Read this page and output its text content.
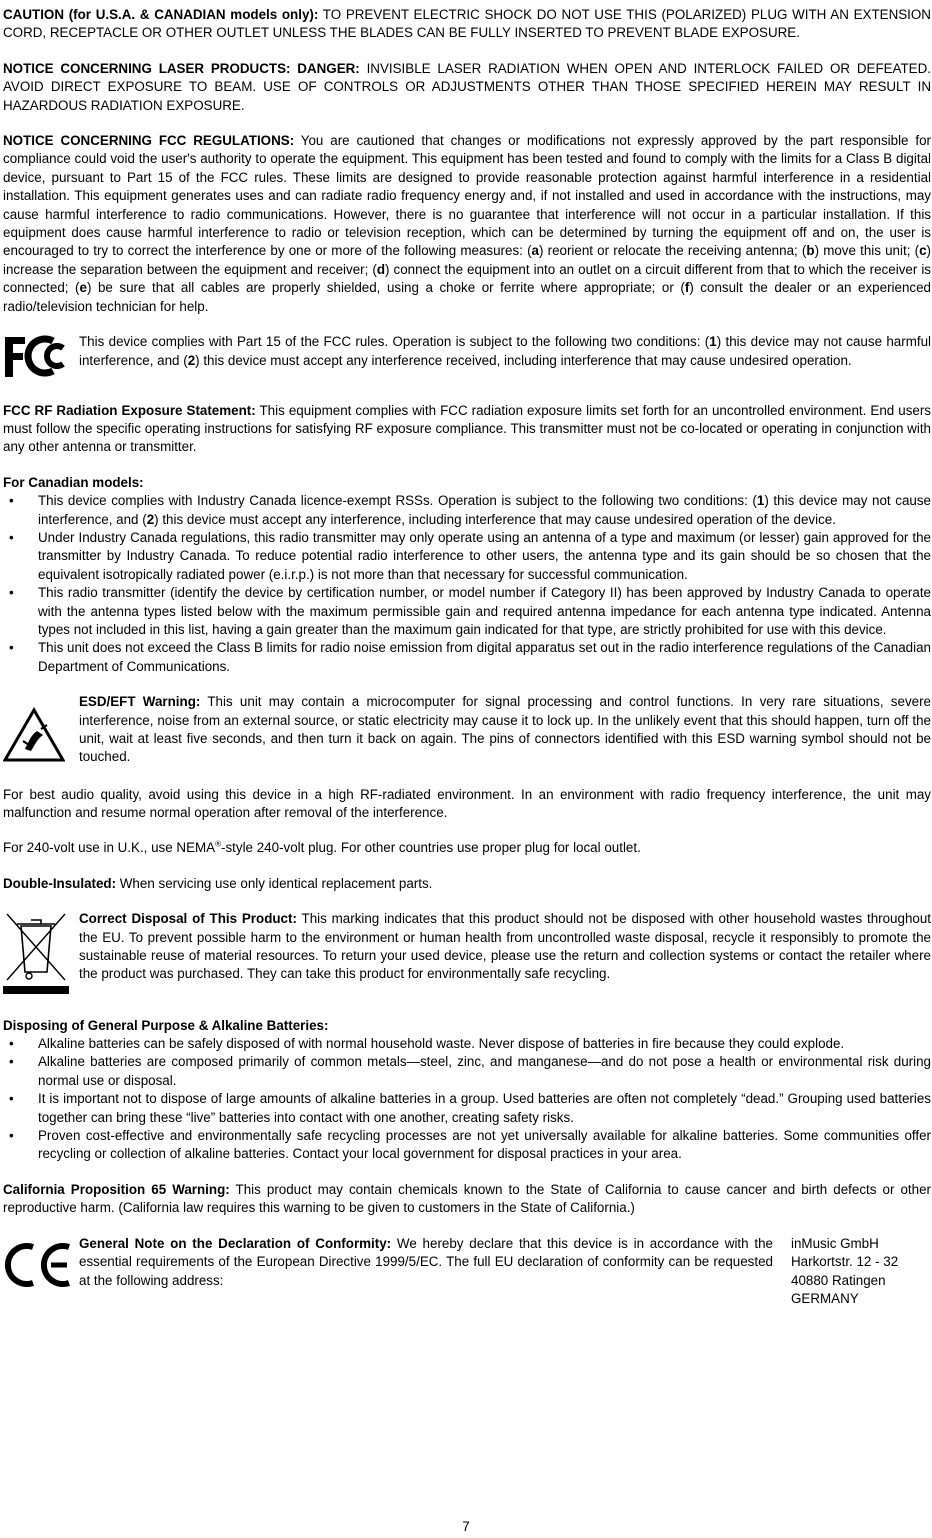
CAUTION (for U.S.A. & CANADIAN models only): TO PREVENT ELECTRIC SHOCK DO NOT USE THIS (POLARIZED) PLUG WITH AN EXTENSION CORD, RECEPTACLE OR OTHER OUTLET UNLESS THE BLADES CAN BE FULLY INSERTED TO PREVENT BLADE EXPOSURE.

NOTICE CONCERNING LASER PRODUCTS: DANGER: INVISIBLE LASER RADIATION WHEN OPEN AND INTERLOCK FAILED OR DEFEATED. AVOID DIRECT EXPOSURE TO BEAM. USE OF CONTROLS OR ADJUSTMENTS OTHER THAN THOSE SPECIFIED HEREIN MAY RESULT IN HAZARDOUS RADIATION EXPOSURE.

NOTICE CONCERNING FCC REGULATIONS: You are cautioned that changes or modifications not expressly approved by the part responsible for compliance could void the user's authority to operate the equipment. This equipment has been tested and found to comply with the limits for a Class B digital device, pursuant to Part 15 of the FCC rules. These limits are designed to provide reasonable protection against harmful interference in a residential installation. This equipment generates uses and can radiate radio frequency energy and, if not installed and used in accordance with the instructions, may cause harmful interference to radio communications. However, there is no guarantee that interference will not occur in a particular installation. If this equipment does cause harmful interference to radio or television reception, which can be determined by turning the equipment off and on, the user is encouraged to try to correct the interference by one or more of the following measures: (a) reorient or relocate the receiving antenna; (b) move this unit; (c) increase the separation between the equipment and receiver; (d) connect the equipment into an outlet on a circuit different from that to which the receiver is connected; (e) be sure that all cables are properly shielded, using a choke or ferrite where appropriate; or (f) consult the dealer or an experienced radio/television technician for help.

This device complies with Part 15 of the FCC rules. Operation is subject to the following two conditions: (1) this device may not cause harmful interference, and (2) this device must accept any interference received, including interference that may cause undesired operation.

FCC RF Radiation Exposure Statement: This equipment complies with FCC radiation exposure limits set forth for an uncontrolled environment. End users must follow the specific operating instructions for satisfying RF exposure compliance. This transmitter must not be co-located or operating in conjunction with any other antenna or transmitter.

For Canadian models:

• This device complies with Industry Canada licence-exempt RSSs. Operation is subject to the following two conditions: (1) this device may not cause interference, and (2) this device must accept any interference, including interference that may cause undesired operation of the device.
• Under Industry Canada regulations, this radio transmitter may only operate using an antenna of a type and maximum (or lesser) gain approved for the transmitter by Industry Canada. To reduce potential radio interference to other users, the antenna type and its gain should be so chosen that the equivalent isotropically radiated power (e.i.r.p.) is not more than that necessary for successful communication.
• This radio transmitter (identify the device by certification number, or model number if Category II) has been approved by Industry Canada to operate with the antenna types listed below with the maximum permissible gain and required antenna impedance for each antenna type indicated. Antenna types not included in this list, having a gain greater than the maximum gain indicated for that type, are strictly prohibited for use with this device.
• This unit does not exceed the Class B limits for radio noise emission from digital apparatus set out in the radio interference regulations of the Canadian Department of Communications.

ESD/EFT Warning: This unit may contain a microcomputer for signal processing and control functions. In very rare situations, severe interference, noise from an external source, or static electricity may cause it to lock up. In the unlikely event that this should happen, turn off the unit, wait at least five seconds, and then turn it back on again. The pins of connectors identified with this ESD warning symbol should not be touched.

For best audio quality, avoid using this device in a high RF-radiated environment. In an environment with radio frequency interference, the unit may malfunction and resume normal operation after removal of the interference.

For 240-volt use in U.K., use NEMA®-style 240-volt plug. For other countries use proper plug for local outlet.

Double-Insulated: When servicing use only identical replacement parts.

Correct Disposal of This Product: This marking indicates that this product should not be disposed with other household wastes throughout the EU. To prevent possible harm to the environment or human health from uncontrolled waste disposal, recycle it responsibly to promote the sustainable reuse of material resources. To return your used device, please use the return and collection systems or contact the retailer where the product was purchased. They can take this product for environmentally safe recycling.

Disposing of General Purpose & Alkaline Batteries:

• Alkaline batteries can be safely disposed of with normal household waste. Never dispose of batteries in fire because they could explode.
• Alkaline batteries are composed primarily of common metals—steel, zinc, and manganese—and do not pose a health or environmental risk during normal use or disposal.
• It is important not to dispose of large amounts of alkaline batteries in a group. Used batteries are often not completely “dead.” Grouping used batteries together can bring these “live” batteries into contact with one another, creating safety risks.
• Proven cost-effective and environmentally safe recycling processes are not yet universally available for alkaline batteries. Some communities offer recycling or collection of alkaline batteries. Contact your local government for disposal practices in your area.

California Proposition 65 Warning: This product may contain chemicals known to the State of California to cause cancer and birth defects or other reproductive harm. (California law requires this warning to be given to customers in the State of California.)

General Note on the Declaration of Conformity: We hereby declare that this device is in accordance with the essential requirements of the European Directive 1999/5/EC. The full EU declaration of conformity can be requested at the following address:

inMusic GmbH
Harkortstr. 12 - 32
40880 Ratingen
GERMANY
7
